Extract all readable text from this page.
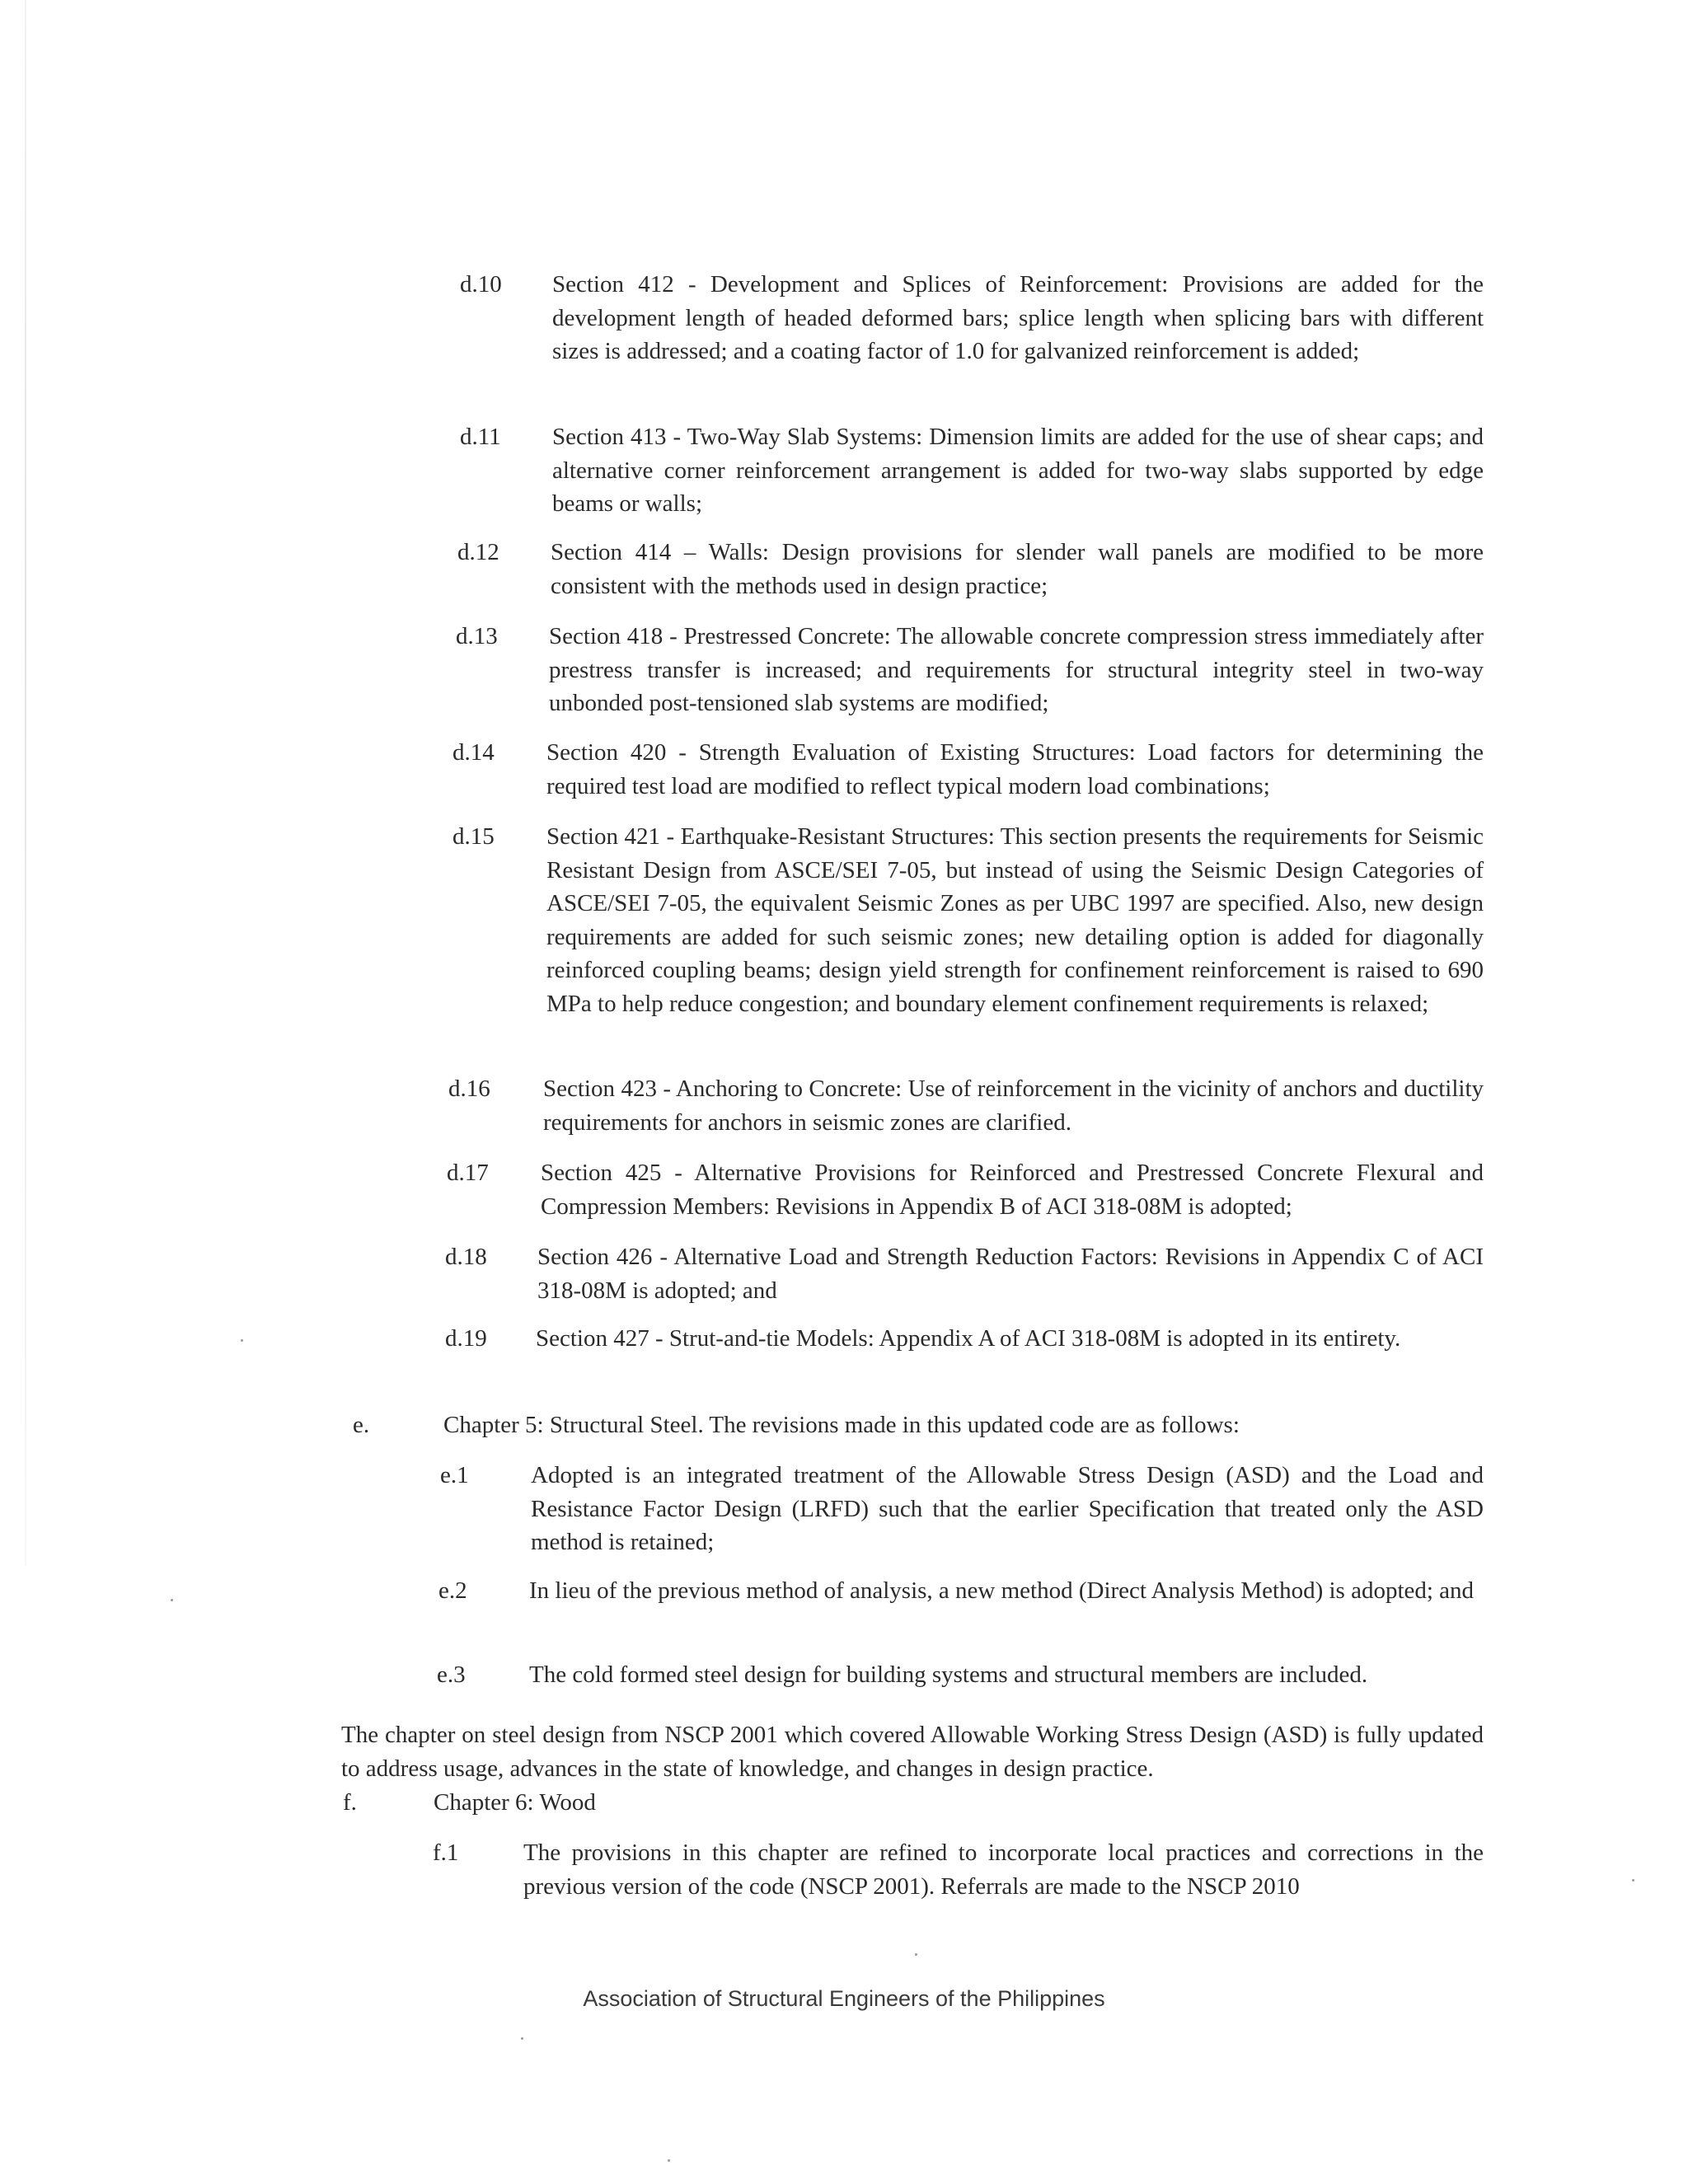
d.10 Section 412 - Development and Splices of Reinforcement: Provisions are added for the development length of headed deformed bars; splice length when splicing bars with different sizes is addressed; and a coating factor of 1.0 for galvanized reinforcement is added;
d.11 Section 413 - Two-Way Slab Systems: Dimension limits are added for the use of shear caps; and alternative corner reinforcement arrangement is added for two-way slabs supported by edge beams or walls;
d.12 Section 414 – Walls: Design provisions for slender wall panels are modified to be more consistent with the methods used in design practice;
d.13 Section 418 - Prestressed Concrete: The allowable concrete compression stress immediately after prestress transfer is increased; and requirements for structural integrity steel in two-way unbonded post-tensioned slab systems are modified;
d.14 Section 420 - Strength Evaluation of Existing Structures: Load factors for determining the required test load are modified to reflect typical modern load combinations;
d.15 Section 421 - Earthquake-Resistant Structures: This section presents the requirements for Seismic Resistant Design from ASCE/SEI 7-05, but instead of using the Seismic Design Categories of ASCE/SEI 7-05, the equivalent Seismic Zones as per UBC 1997 are specified. Also, new design requirements are added for such seismic zones; new detailing option is added for diagonally reinforced coupling beams; design yield strength for confinement reinforcement is raised to 690 MPa to help reduce congestion; and boundary element confinement requirements is relaxed;
d.16 Section 423 - Anchoring to Concrete: Use of reinforcement in the vicinity of anchors and ductility requirements for anchors in seismic zones are clarified.
d.17 Section 425 - Alternative Provisions for Reinforced and Prestressed Concrete Flexural and Compression Members: Revisions in Appendix B of ACI 318-08M is adopted;
d.18 Section 426 - Alternative Load and Strength Reduction Factors: Revisions in Appendix C of ACI 318-08M is adopted; and
d.19 Section 427 - Strut-and-tie Models: Appendix A of ACI 318-08M is adopted in its entirety.
e.	Chapter 5: Structural Steel. The revisions made in this updated code are as follows:
e.1	Adopted is an integrated treatment of the Allowable Stress Design (ASD) and the Load and Resistance Factor Design (LRFD) such that the earlier Specification that treated only the ASD method is retained;
e.2	In lieu of the previous method of analysis, a new method (Direct Analysis Method) is adopted; and
e.3	The cold formed steel design for building systems and structural members are included.
The chapter on steel design from NSCP 2001 which covered Allowable Working Stress Design (ASD) is fully updated to address usage, advances in the state of knowledge, and changes in design practice.
f.	Chapter 6: Wood
f.1	The provisions in this chapter are refined to incorporate local practices and corrections in the previous version of the code (NSCP 2001). Referrals are made to the NSCP 2010
Association of Structural Engineers of the Philippines
